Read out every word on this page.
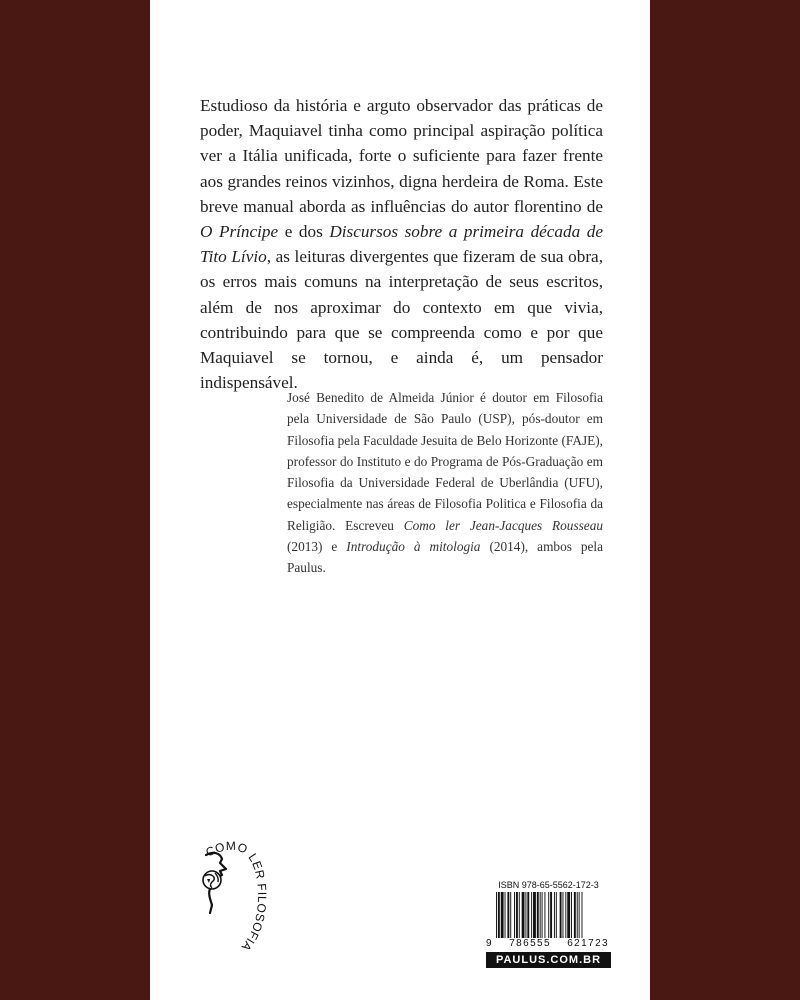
Estudioso da história e arguto observador das práticas de poder, Maquiavel tinha como principal aspiração política ver a Itália unificada, forte o suficiente para fazer frente aos grandes reinos vizinhos, digna herdeira de Roma. Este breve manual aborda as influências do autor florentino de O Príncipe e dos Discursos sobre a primeira década de Tito Lívio, as leituras divergentes que fizeram de sua obra, os erros mais comuns na interpretação de seus escritos, além de nos aproximar do contexto em que vivia, contribuindo para que se compreenda como e por que Maquiavel se tornou, e ainda é, um pensador indispensável.

José Benedito de Almeida Júnior é doutor em Filosofia pela Universidade de São Paulo (USP), pós-doutor em Filosofia pela Faculdade Jesuita de Belo Horizonte (FAJE), professor do Instituto e do Programa de Pós-Graduação em Filosofia da Universidade Federal de Uberlândia (UFU), especialmente nas áreas de Filosofia Politica e Filosofia da Religião. Escreveu Como ler Jean-Jacques Rousseau (2013) e Introdução à mitologia (2014), ambos pela Paulus.

COMO LER FILOSOFIA

ISBN 978-65-5562-172-3

9 786555 621723

PAULUS.COM.BR
